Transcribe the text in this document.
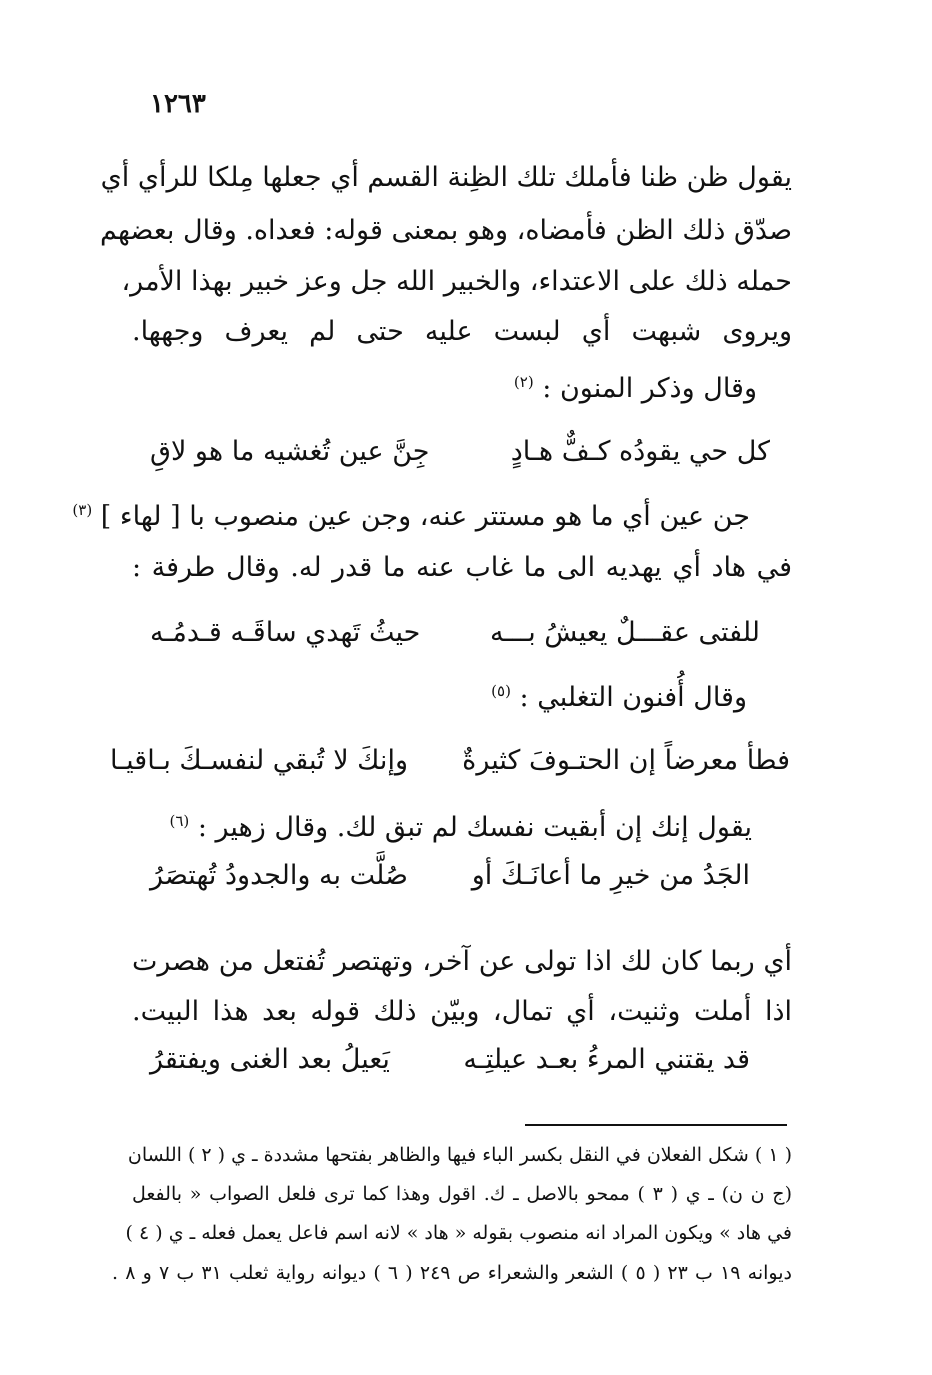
١٢٦٣
يقول ظن ظنا فأملك تلك الظِنة القسم أي جعلها مِلكا للرأي أي
صدّق ذلك الظن فأمضاه، وهو بمعنى قوله: فعداه. وقال بعضهم
حمله ذلك على الاعتداء، والخبير الله جل وعز خبير بهذا الأمر،
ويروى شبهت أي لبست عليه حتى لم يعرف وجهها.
وقال وذكر المنون : $^{(٢)}$
كل حي يقودُه كـفٌّ هـادٍ
جِنَّ عين تُغشيه ما هو لاقِ
جن عين أي ما هو مستتر عنه، وجن عين منصوب با [ لهاء ] $^{(٣)}$
في هاد أي يهديه الى ما غاب عنه ما قدر له. وقال طرفة :
للفتى عقـــلٌ يعيشُ بـــه
حيثُ تَهدي ساقَـه قـدمُـه
وقال أُفنون التغلبي : $^{(٥)}$
فطأ معرضاً إن الحتـوفَ كثيرةٌ
وإنكَ لا تُبقي لنفسـكَ بـاقيـا
يقول إنك إن أبقيت نفسك لم تبق لك. وقال زهير : $^{(٦)}$
الجَدُ من خيرِ ما أعانَـكَ أو
صُلَّت به والجدودُ تُهتصَرُ
أي ربما كان لك اذا تولى عن آخر، وتهتصر تُفتعل من هصرت
اذا أملت وثنيت، أي تمال، وبيّن ذلك قوله بعد هذا البيت.
قد يقتني المرءُ بعـد عيلتِـه
يَعيلُ بعد الغنى ويفتقرُ
( ١ ) شكل الفعلان في النقل بكسر الباء فيها والظاهر بفتحها مشددة ـ ي ( ٢ ) اللسان
(ج ن ن) ـ ي ( ٣ ) ممحو بالاصل ـ ك. اقول وهذا كما ترى فلعل الصواب « بالفعل
في هاد » ويكون المراد انه منصوب بقوله « هاد » لانه اسم فاعل يعمل فعله ـ ي ( ٤ )
ديوانه ١٩ ب ٢٣ ( ٥ ) الشعر والشعراء ص ٢٤٩ ( ٦ ) ديوانه رواية ثعلب ٣١ ب ٧ و ٨ .
